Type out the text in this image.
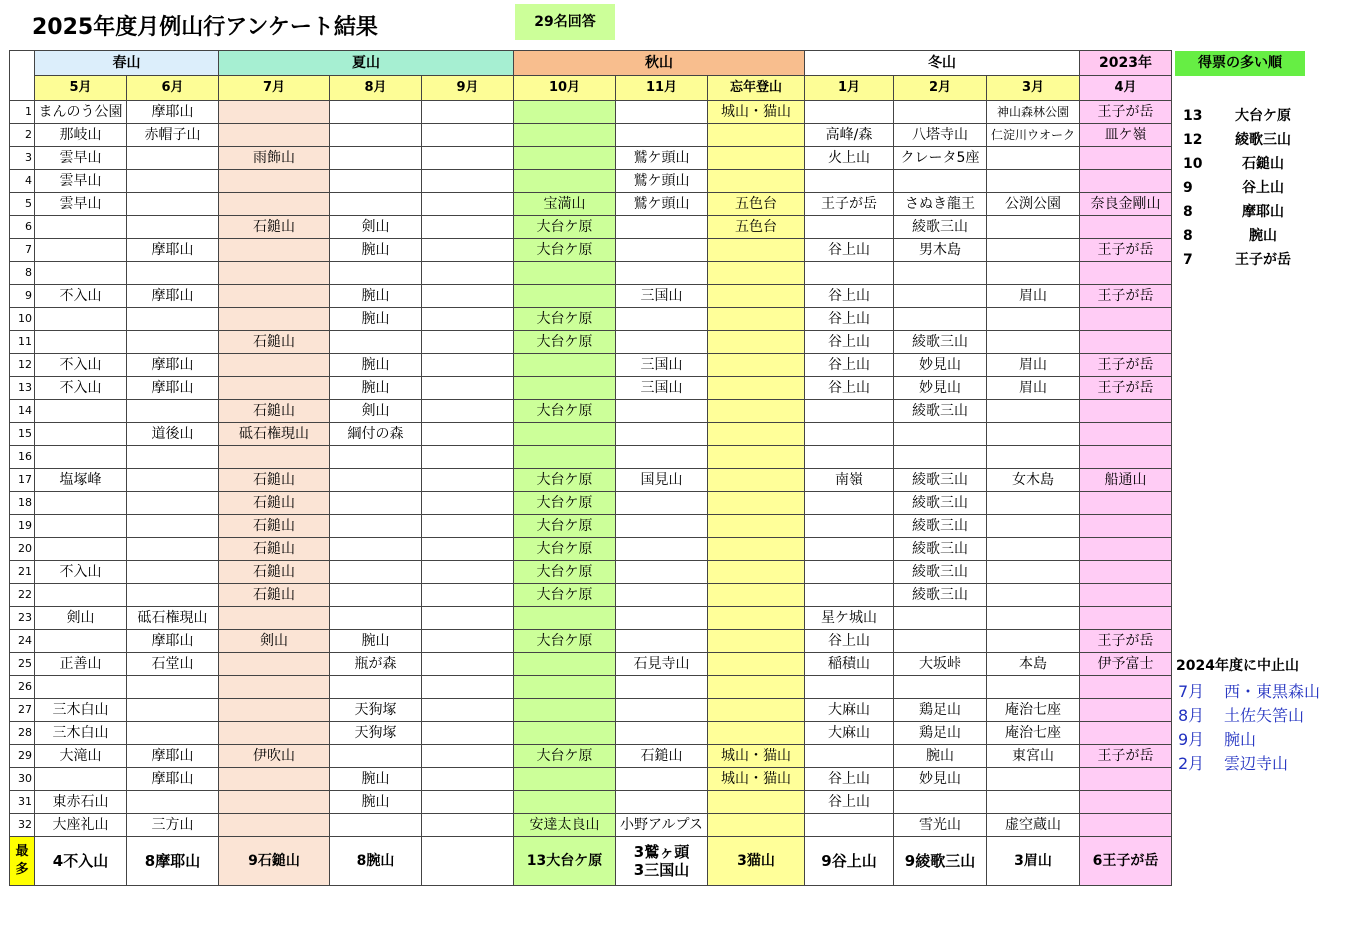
2025年度月例山行アンケート結果	29名回答
	春山		夏山			秋山			冬山			2023年
	5月	6月	7月	8月	9月	10月	11月	忘年登山	1月	2月	3月	4月
1	まんのう公園	摩耶山						城山・猫山			神山森林公園	王子が岳
2	那岐山	赤帽子山							高峰/森	八塔寺山	仁淀川ウオーク	皿ケ嶺
3	雲早山		雨飾山				鷲ケ頭山		火上山	クレータ5座		
4	雲早山						鷲ケ頭山					
5	雲早山					宝満山	鷲ケ頭山	五色台	王子が岳	さぬき龍王	公渕公園	奈良金剛山
6			石鎚山	剣山		大台ケ原		五色台		綾歌三山		
7		摩耶山		腕山		大台ケ原			谷上山	男木島		王子が岳
8												
9	不入山	摩耶山		腕山			三国山		谷上山		眉山	王子が岳
10				腕山		大台ケ原			谷上山			
11			石鎚山			大台ケ原			谷上山	綾歌三山		
12	不入山	摩耶山		腕山			三国山		谷上山	妙見山	眉山	王子が岳
13	不入山	摩耶山		腕山			三国山		谷上山	妙見山	眉山	王子が岳
14			石鎚山	剣山		大台ケ原				綾歌三山		
15		道後山	砥石権現山	綱付の森								
16												
17	塩塚峰		石鎚山			大台ケ原	国見山		南嶺	綾歌三山	女木島	船通山
18			石鎚山			大台ケ原				綾歌三山		
19			石鎚山			大台ケ原				綾歌三山		
20			石鎚山			大台ケ原				綾歌三山		
21	不入山		石鎚山			大台ケ原				綾歌三山		
22			石鎚山			大台ケ原				綾歌三山		
23	剣山	砥石権現山							星ケ城山			
24		摩耶山	剣山	腕山		大台ケ原			谷上山			王子が岳
25	正善山	石堂山		瓶が森			石見寺山		稲積山	大坂峠	本島	伊予富士
26												
27	三木白山			天狗塚					大麻山	鶏足山	庵治七座	
28	三木白山			天狗塚					大麻山	鶏足山	庵治七座	
29	大滝山	摩耶山	伊吹山			大台ケ原	石鎚山	城山・猫山		腕山	東宮山	王子が岳
30		摩耶山		腕山				城山・猫山	谷上山	妙見山		
31	東赤石山			腕山					谷上山			
32	大座礼山	三方山				安達太良山	小野アルプス			雪光山	虚空蔵山	
最多	4不入山	8摩耶山	9石鎚山	8腕山		13大台ケ原	3鷲ヶ頭
3三国山	3猫山	9谷上山	9綾歌三山	3眉山	6王子が岳
得票の多い順
13 大台ケ原
12 綾歌三山
10	石鎚山
9	谷上山
8	摩耶山
8	腕山
7	王子が岳
2024年度に中止山
7月 西・東黒森山
8月 土佐矢筈山
9月 腕山
2月 雲辺寺山
